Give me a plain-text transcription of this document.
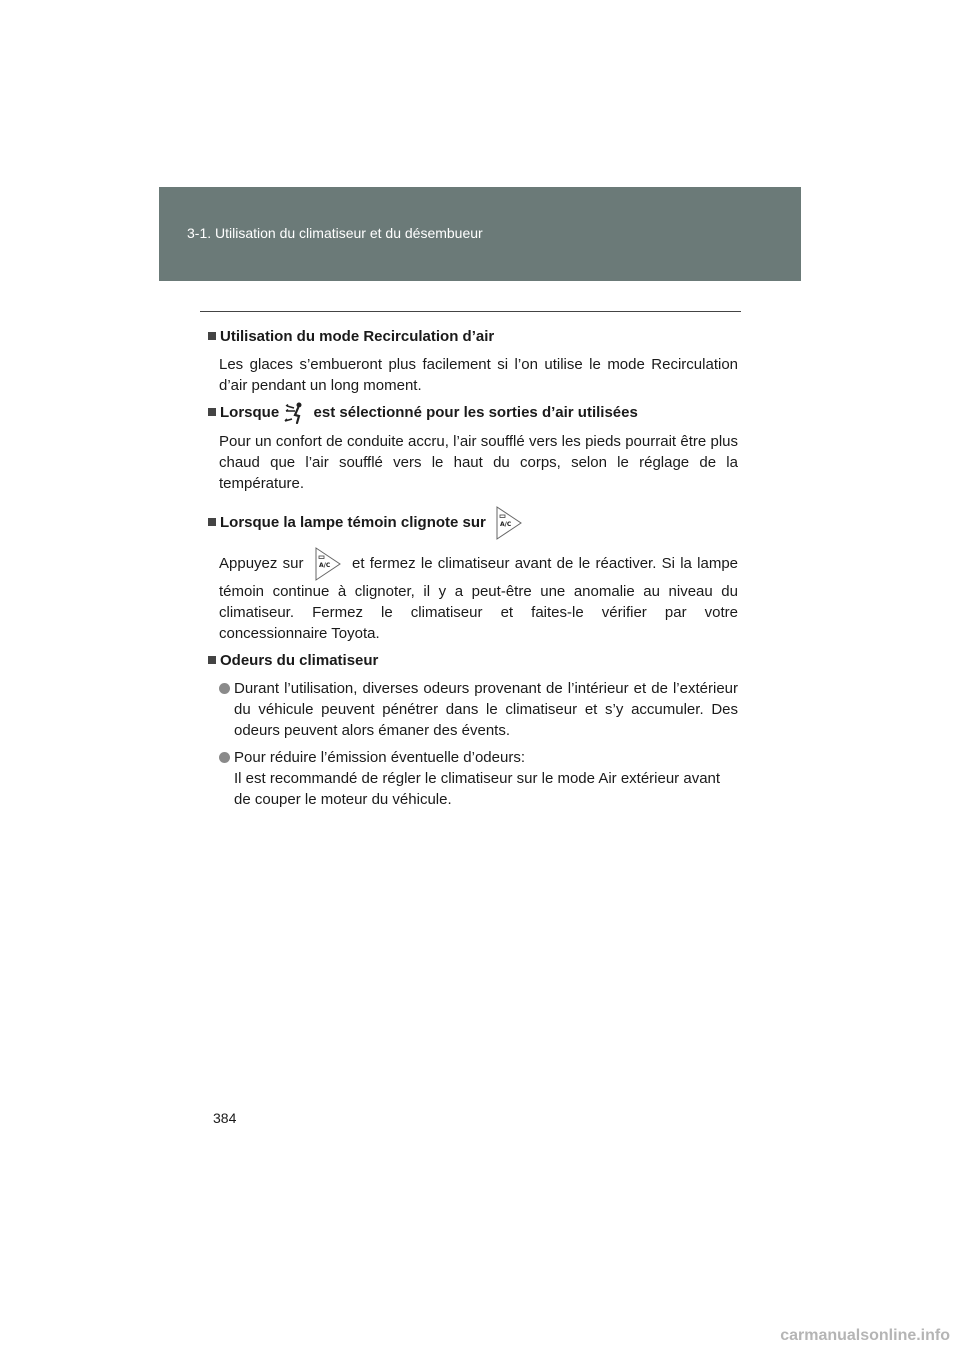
3-1. Utilisation du climatiseur et du désembueur
Utilisation du mode Recirculation d’air

Les glaces s’embueront plus facilement si l’on utilise le mode Recirculation d’air pendant un long moment.

Lorsque est sélectionné pour les sorties d’air utilisées

Pour un confort de conduite accru, l’air soufflé vers les pieds pourrait être plus chaud que l’air soufflé vers le haut du corps, selon le réglage de la température.

Lorsque la lampe témoin clignote sur A/C

Appuyez sur	A/C et fermez le climatiseur avant de le réactiver. Si la lampe témoin continue à clignoter, il y a peut-être une anomalie au niveau du climatiseur. Fermez le climatiseur et faites-le vérifier par votre concessionnaire Toyota.

Odeurs du climatiseur
Durant l’utilisation, diverses odeurs provenant de l’intérieur et de l’extérieur du véhicule peuvent pénétrer dans le climatiseur et s’y accumuler. Des odeurs peuvent alors émaner des évents.
Pour réduire l’émission éventuelle d’odeurs:
Il est recommandé de régler le climatiseur sur le mode Air extérieur avant de couper le moteur du véhicule.
384
carmanualsonline.info
